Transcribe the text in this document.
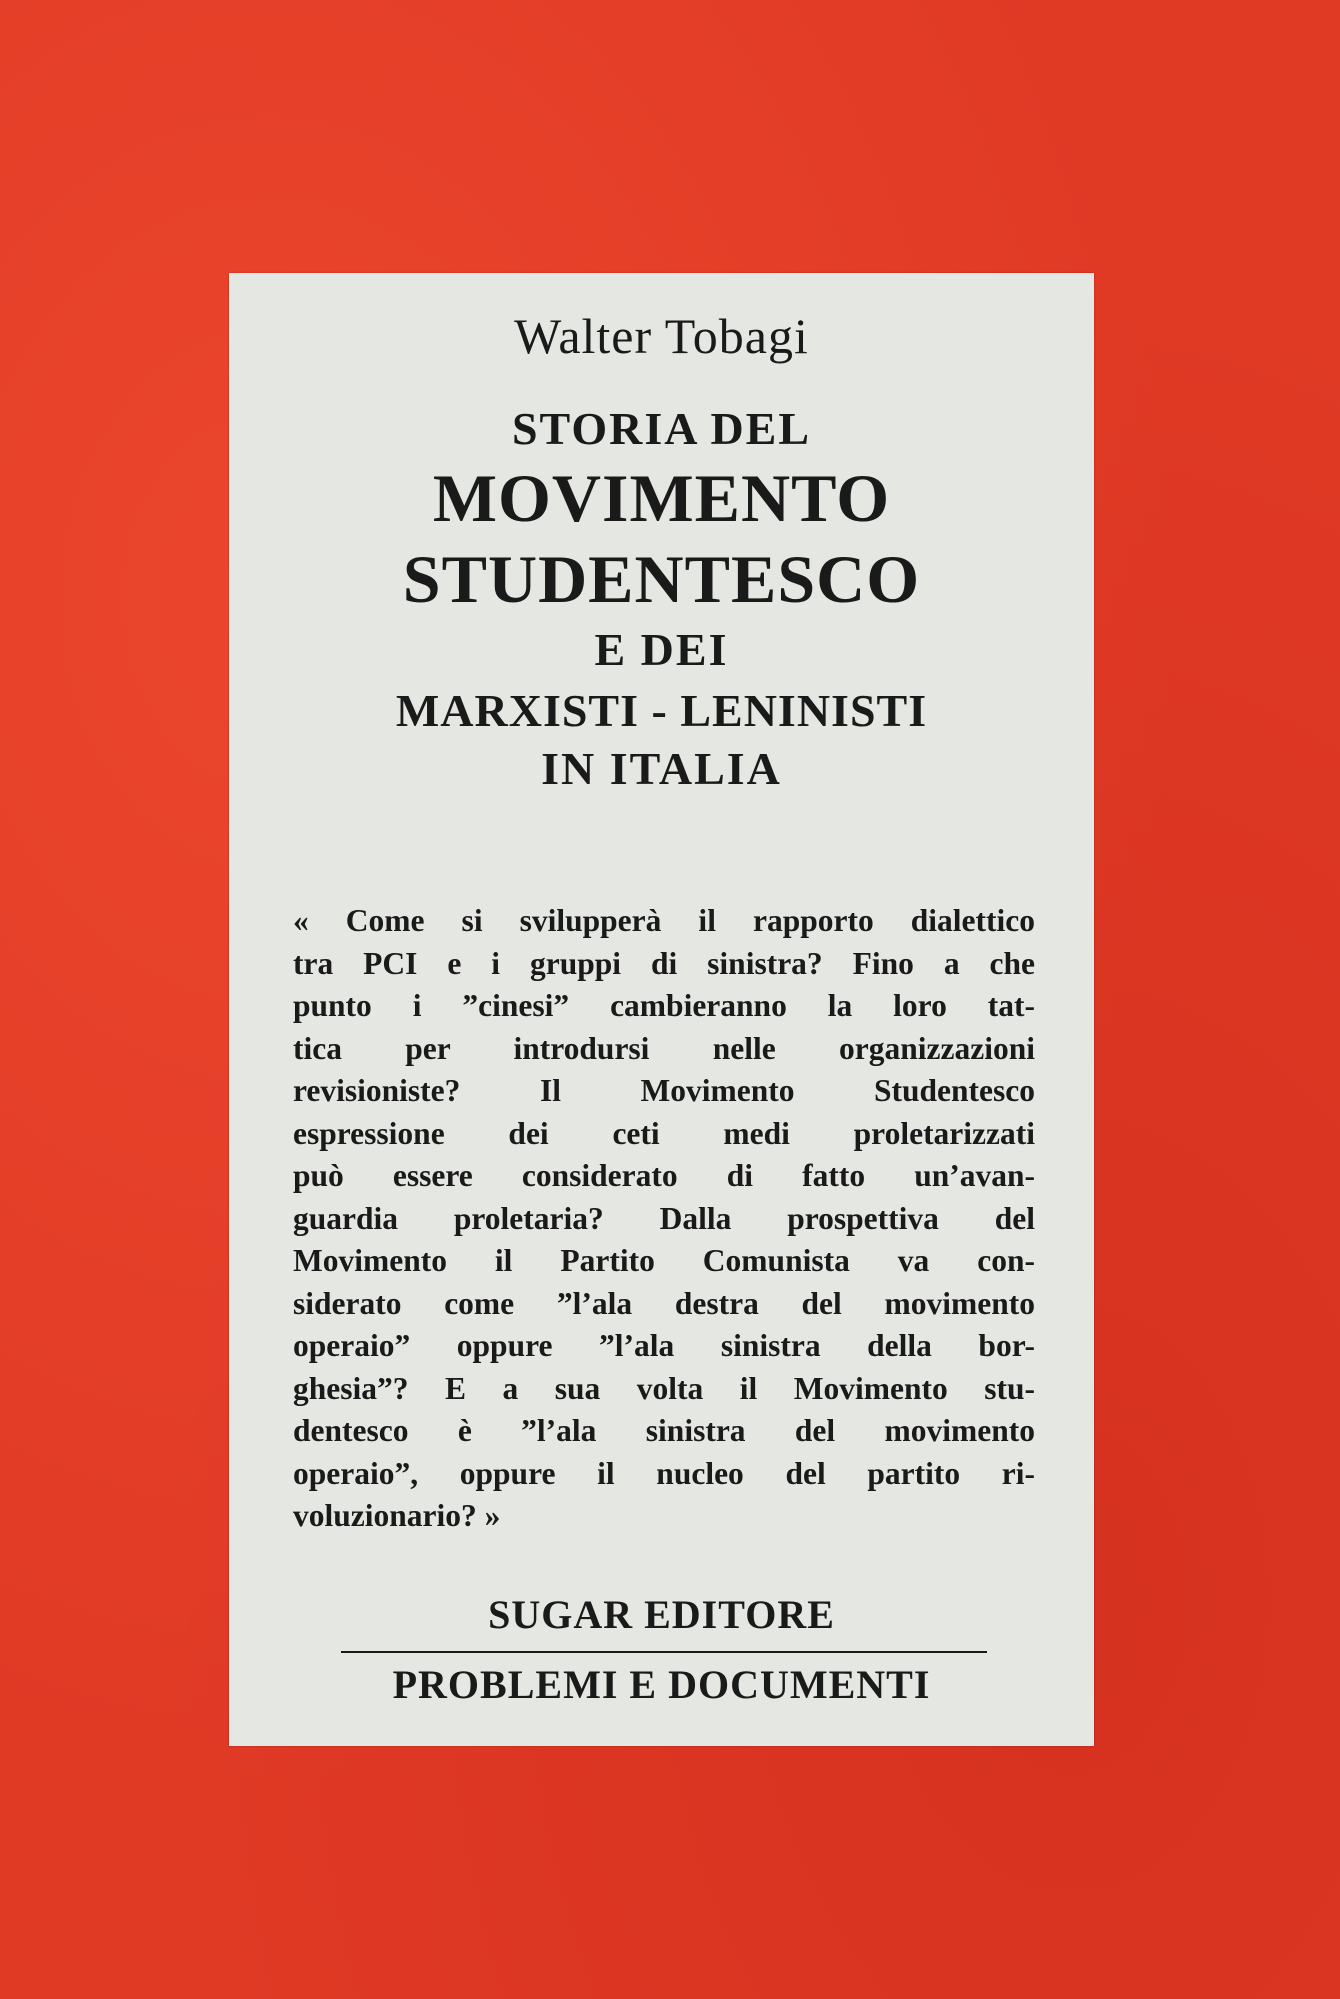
Walter Tobagi
STORIA DEL
MOVIMENTO
STUDENTESCO
E DEI
MARXISTI - LENINISTI
IN ITALIA
« Come si svilupperà il rapporto dialettico
tra PCI e i gruppi di sinistra? Fino a che
punto i ”cinesi” cambieranno la loro tat-
tica per introdursi nelle organizzazioni
revisioniste? Il Movimento Studentesco
espressione dei ceti medi proletarizzati
può essere considerato di fatto un’avan-
guardia proletaria? Dalla prospettiva del
Movimento il Partito Comunista va con-
siderato come ”l’ala destra del movimento
operaio” oppure ”l’ala sinistra della bor-
ghesia”? E a sua volta il Movimento stu-
dentesco è ”l’ala sinistra del movimento
operaio”, oppure il nucleo del partito ri-
voluzionario? »
SUGAR EDITORE
PROBLEMI E DOCUMENTI
